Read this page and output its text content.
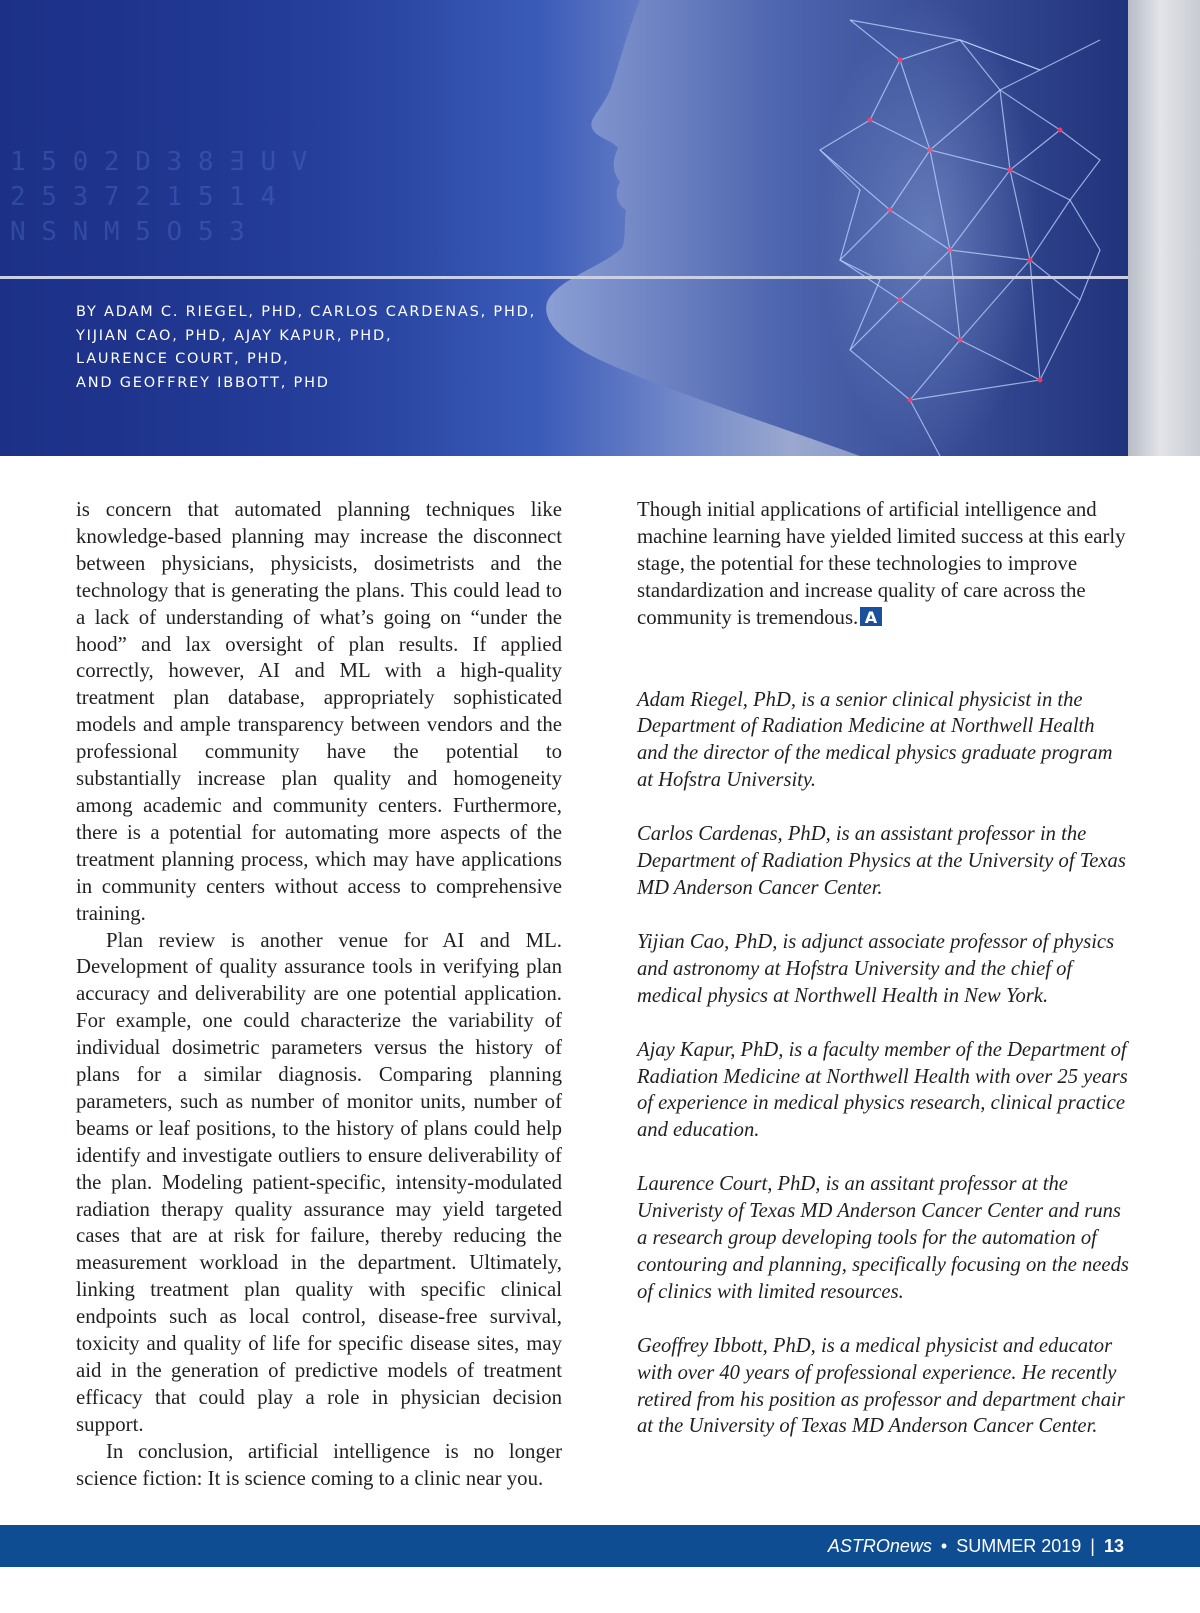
1 5 0 2 D 3 8 ∃ U V
2 5 3 7 2 1 5 1 4
N S N M 5 O 5 3

BY ADAM C. RIEGEL, PHD, CARLOS CARDENAS, PHD,
YIJIAN CAO, PHD, AJAY KAPUR, PHD,
LAURENCE COURT, PHD,
AND GEOFFREY IBBOTT, PHD

is concern that automated planning techniques like knowledge-based planning may increase the disconnect between physicians, physicists, dosimetrists and the technology that is generating the plans. This could lead to a lack of understanding of what’s going on “under the hood” and lax oversight of plan results. If applied correctly, however, AI and ML with a high-quality treatment plan database, appropriately sophisticated models and ample transparency between vendors and the professional community have the potential to substantially increase plan quality and homogeneity among academic and community centers. Furthermore, there is a potential for automating more aspects of the treatment planning process, which may have applications in community centers without access to comprehensive training.

Plan review is another venue for AI and ML. Development of quality assurance tools in verifying plan accuracy and deliverability are one potential application. For example, one could characterize the variability of individual dosimetric parameters versus the history of plans for a similar diagnosis. Comparing planning parameters, such as number of monitor units, number of beams or leaf positions, to the history of plans could help identify and investigate outliers to ensure deliverability of the plan. Modeling patient-specific, intensity-modulated radiation therapy quality assurance may yield targeted cases that are at risk for failure, thereby reducing the measurement workload in the department. Ultimately, linking treatment plan quality with specific clinical endpoints such as local control, disease-free survival, toxicity and quality of life for specific disease sites, may aid in the generation of predictive models of treatment efficacy that could play a role in physician decision support.

In conclusion, artificial intelligence is no longer science fiction: It is science coming to a clinic near you.

Though initial applications of artificial intelligence and machine learning have yielded limited success at this early stage, the potential for these technologies to improve standardization and increase quality of care across the community is tremendous. A

Adam Riegel, PhD, is a senior clinical physicist in the Department of Radiation Medicine at Northwell Health and the director of the medical physics graduate program at Hofstra University.

Carlos Cardenas, PhD, is an assistant professor in the Department of Radiation Physics at the University of Texas MD Anderson Cancer Center.

Yijian Cao, PhD, is adjunct associate professor of physics and astronomy at Hofstra University and the chief of medical physics at Northwell Health in New York.

Ajay Kapur, PhD, is a faculty member of the Department of Radiation Medicine at Northwell Health with over 25 years of experience in medical physics research, clinical practice and education.

Laurence Court, PhD, is an assitant professor at the Univeristy of Texas MD Anderson Cancer Center and runs a research group developing tools for the automation of contouring and planning, specifically focusing on the needs of clinics with limited resources.

Geoffrey Ibbott, PhD, is a medical physicist and educator with over 40 years of professional experience. He recently retired from his position as professor and department chair at the University of Texas MD Anderson Cancer Center.

ASTROnews • SUMMER 2019 | 13
